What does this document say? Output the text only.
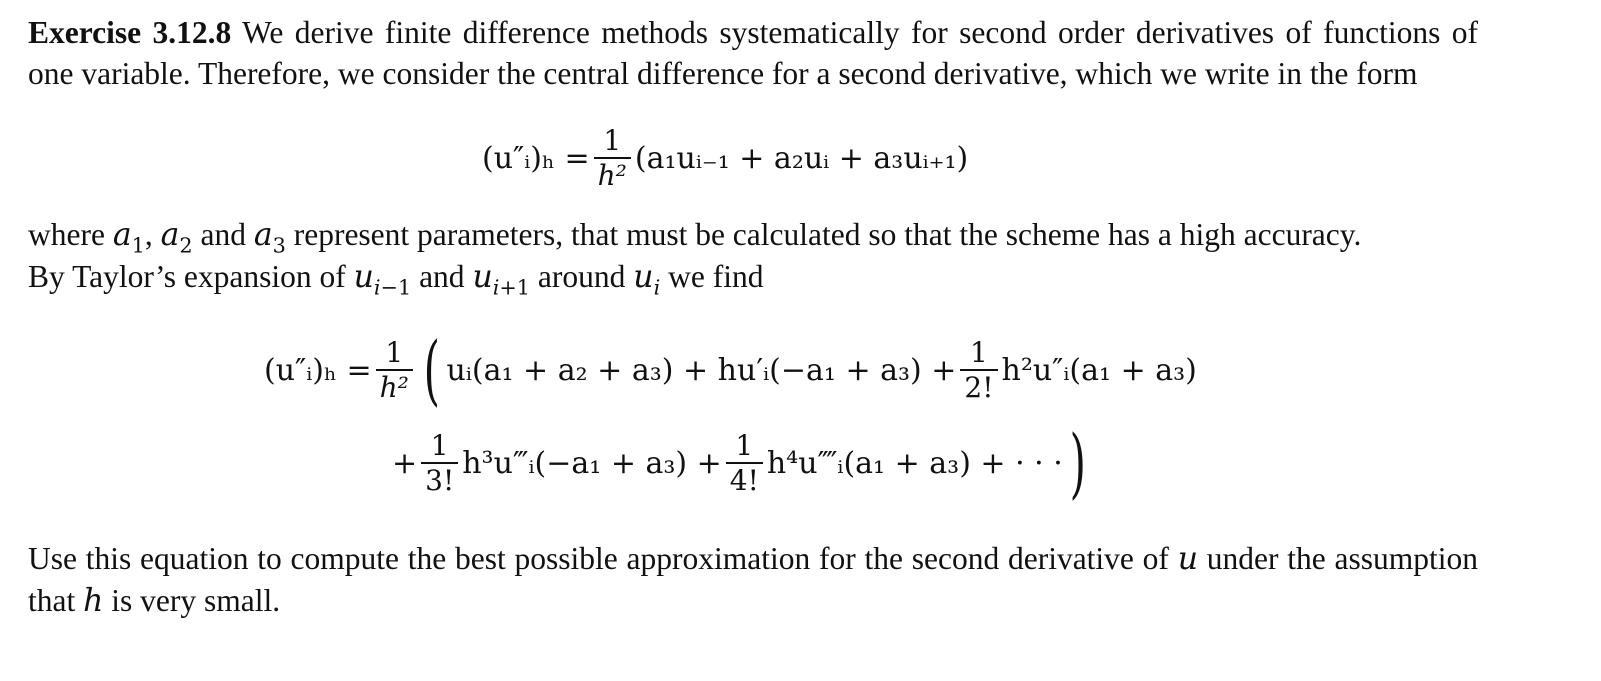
Exercise 3.12.8 We derive finite difference methods systematically for second order derivatives of functions of one variable. Therefore, we consider the central difference for a second derivative, which we write in the form
(u″ᵢ)ₕ = $\frac{1}{\text{h²}}$ (a₁uᵢ₋₁ + a₂uᵢ + a₃uᵢ₊₁)
where $a_1$, $a_2$ and $a_3$ represent parameters, that must be calculated so that the scheme has a high accuracy.
By Taylor’s expansion of $u_{i-1}$ and $u_{i+1}$ around $u_i$ we find
(u″ᵢ)ₕ = $\frac{1}{\text{h²}}$ ( uᵢ(a₁ + a₂ + a₃) + hu′ᵢ(−a₁ + $a_3) + \frac{1}{2!}$ h²u″ᵢ(a₁ + a₃)
+ $\frac{1}{3!}$ h³u‴ᵢ(−a₁ + $a_3) + \frac{1}{4!}$ h⁴u⁗ᵢ(a₁ + a₃) + · · · )
Use this equation to compute the best possible approximation for the second derivative of u under the assumption that h is very small.
